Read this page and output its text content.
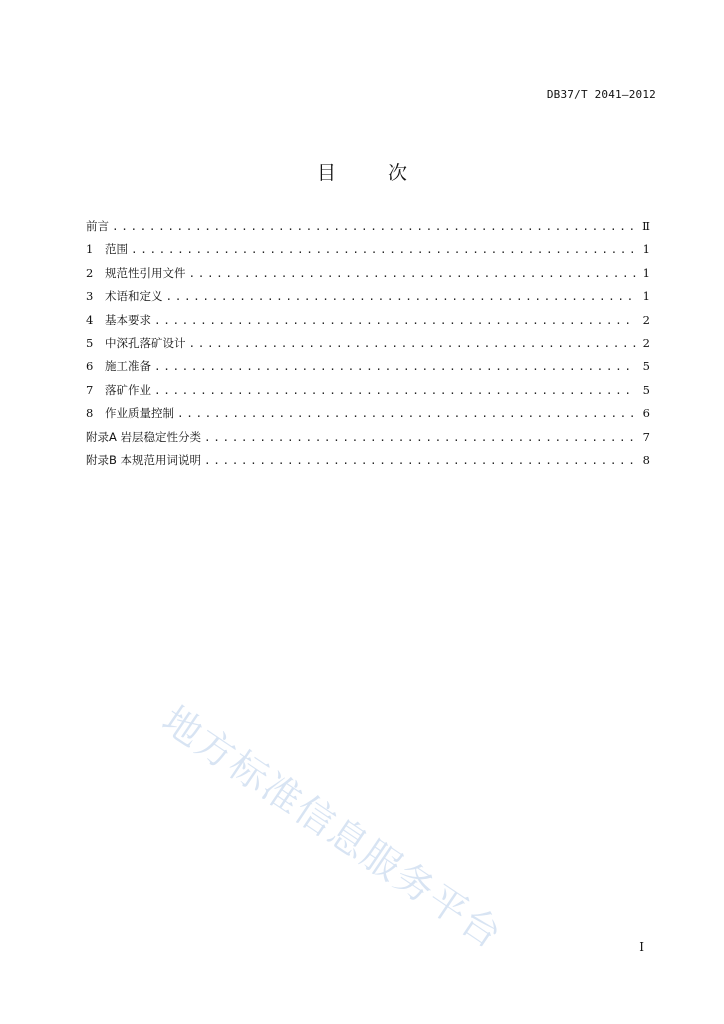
DB37/T 2041—2012
目	次
前言 .....	Ⅱ
1	范围 .....	1
2	规范性引用文件 .....	1
3	术语和定义 .....	1
4	基本要求 .....	2
5	中深孔落矿设计 .....	2
6	施工准备 .....	5
7	落矿作业 .....	5
8	作业质量控制 .....	6
附录A 岩层稳定性分类 .....	7
附录B 本规范用词说明 .....	8
地方标准信息服务平台	I
